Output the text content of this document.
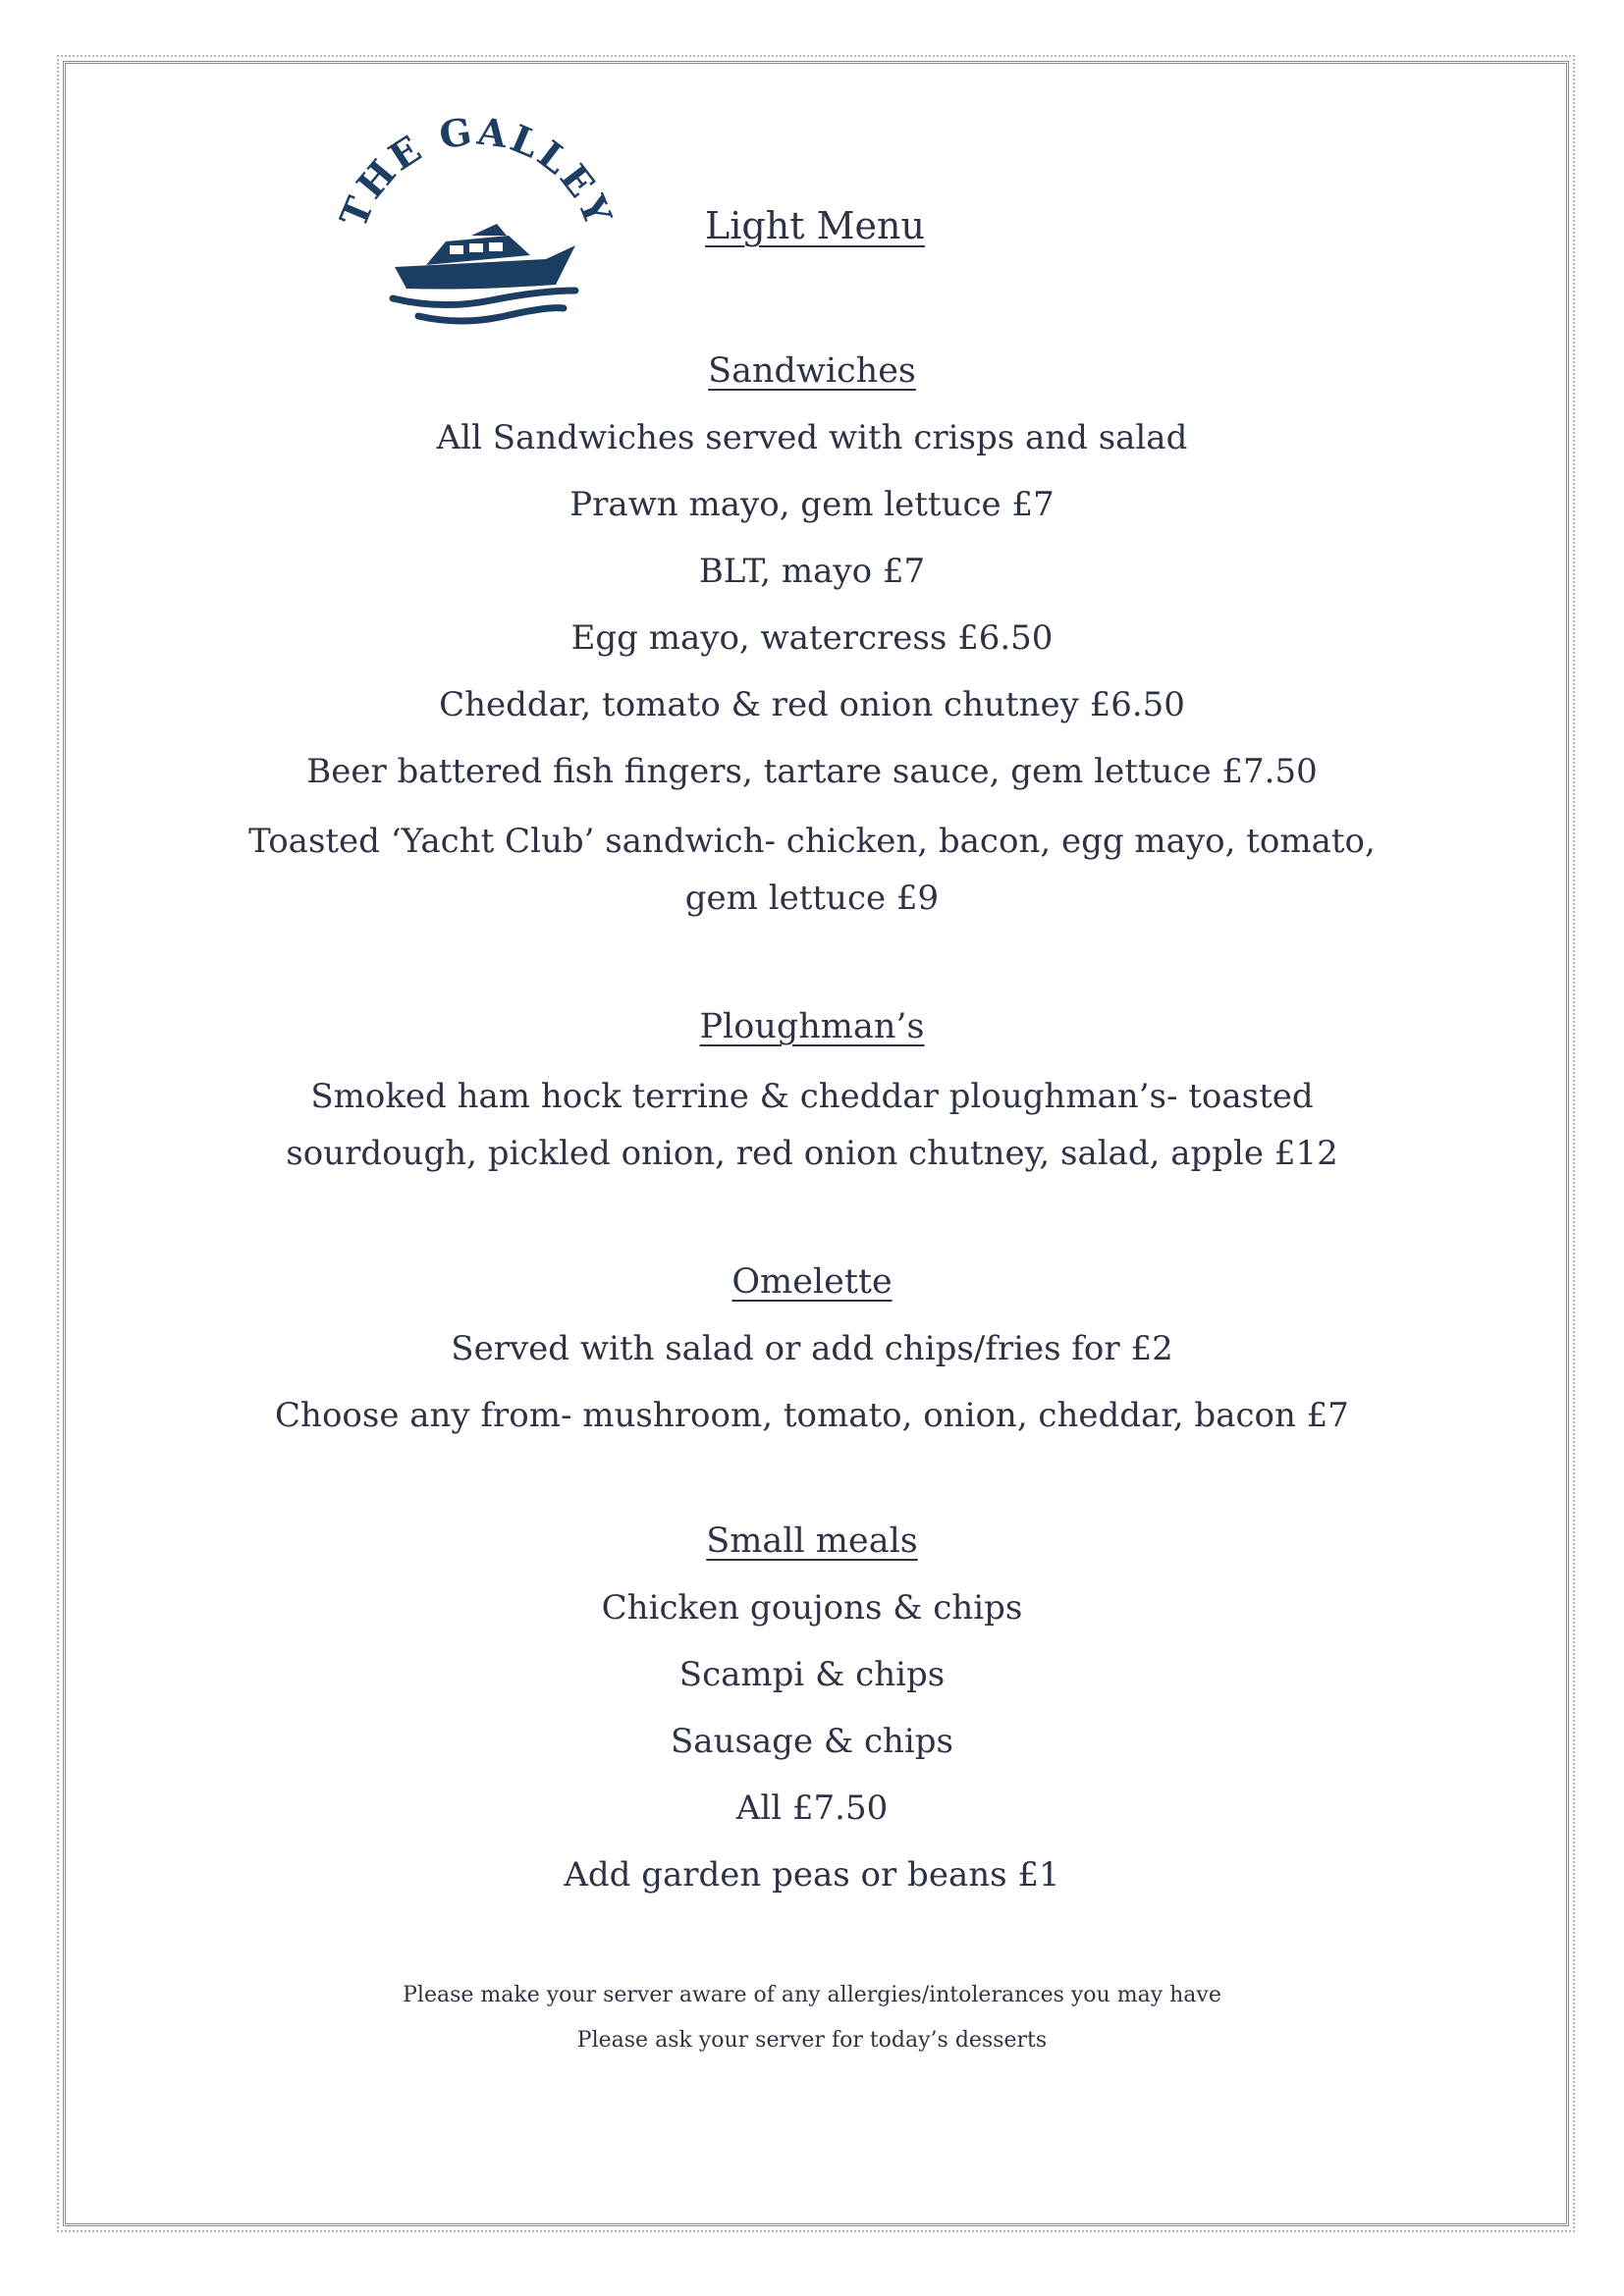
THE GALLEY	Light Menu
Sandwiches
All Sandwiches served with crisps and salad
Prawn mayo, gem lettuce £7
BLT, mayo £7
Egg mayo, watercress £6.50
Cheddar, tomato & red onion chutney £6.50
Beer battered fish fingers, tartare sauce, gem lettuce £7.50
Toasted ‘Yacht Club’ sandwich- chicken, bacon, egg mayo, tomato, gem lettuce £9
Ploughman’s
Smoked ham hock terrine & cheddar ploughman’s- toasted sourdough, pickled onion, red onion chutney, salad, apple £12
Omelette
Served with salad or add chips/fries for £2
Choose any from- mushroom, tomato, onion, cheddar, bacon £7
Small meals
Chicken goujons & chips
Scampi & chips
Sausage & chips
All £7.50
Add garden peas or beans £1
Please make your server aware of any allergies/intolerances you may have
Please ask your server for today’s desserts
